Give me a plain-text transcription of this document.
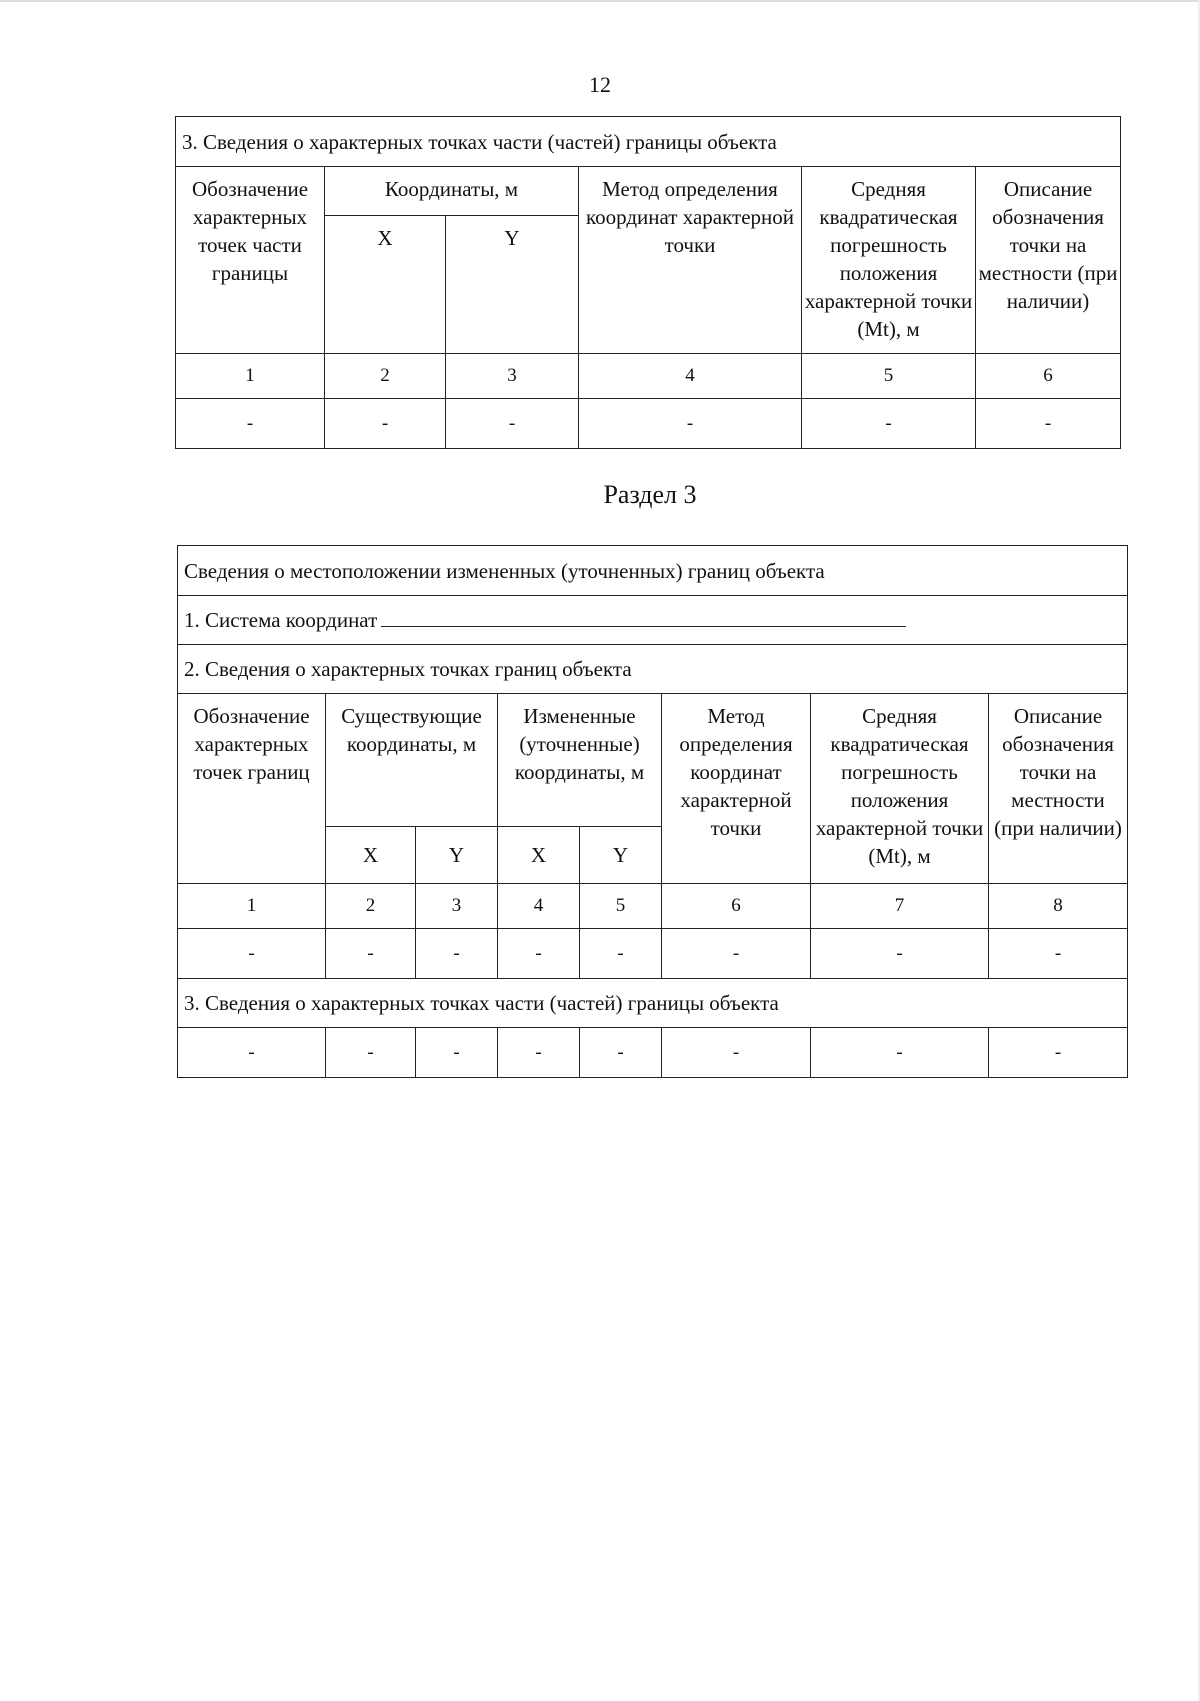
12
3. Сведения о характерных точках части (частей) границы объекта					
Обозначение характерных точек части границы	Координаты, м		Метод определения координат характерной точки	Средняя квадратическая погрешность положения характерной точки (Mt), м	Описание обозначения точки на местности (при наличии)
	X	Y			
1	2	3	4	5	6
-	-	-	-	-	-
Раздел 3
Сведения о местоположении измененных (уточненных) границ объекта							
1. Система координат							
2. Сведения о характерных точках границ объекта							
Обозначение характерных точек границ	Существующие координаты, м		Измененные (уточненные) координаты, м		Метод определения координат характерной точки	Средняя квадратическая погрешность положения характерной точки (Mt), м	Описание обозначения точки на местности (при наличии)
	X	Y	X	Y			
1	2	3	4	5	6	7	8
-	-	-	-	-	-	-	-
3. Сведения о характерных точках части (частей) границы объекта							
-	-	-	-	-	-	-	-
